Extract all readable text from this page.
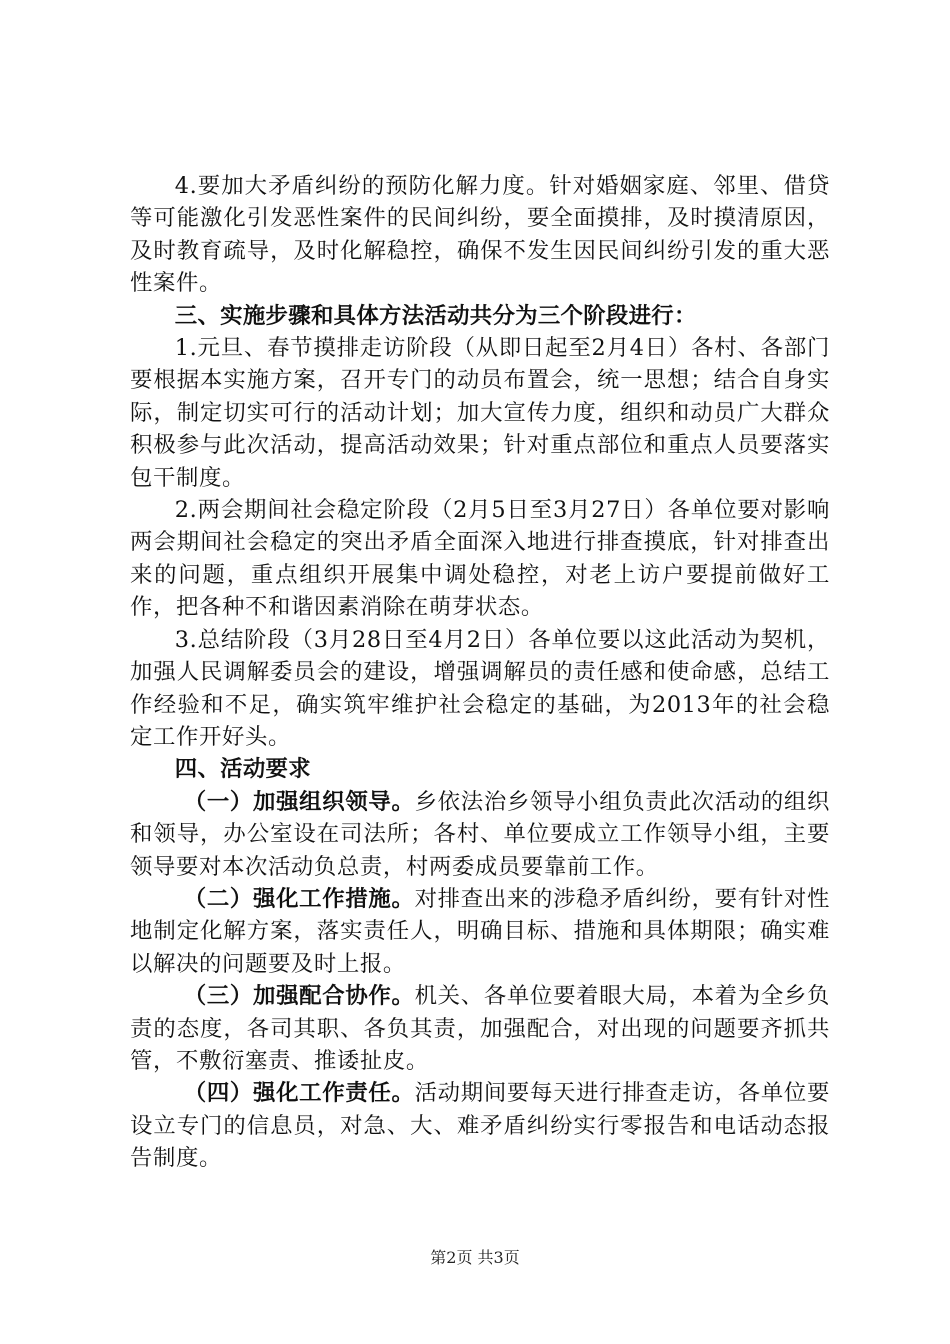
4.要加大矛盾纠纷的预防化解力度。针对婚姻家庭、邻里、借贷等可能激化引发恶性案件的民间纠纷，要全面摸排，及时摸清原因，及时教育疏导，及时化解稳控，确保不发生因民间纠纷引发的重大恶性案件。

三、实施步骤和具体方法活动共分为三个阶段进行：

1.元旦、春节摸排走访阶段（从即日起至2月4日）各村、各部门要根据本实施方案，召开专门的动员布置会，统一思想；结合自身实际，制定切实可行的活动计划；加大宣传力度，组织和动员广大群众积极参与此次活动，提高活动效果；针对重点部位和重点人员要落实包干制度。

2.两会期间社会稳定阶段（2月5日至3月27日）各单位要对影响两会期间社会稳定的突出矛盾全面深入地进行排查摸底，针对排查出来的问题，重点组织开展集中调处稳控，对老上访户要提前做好工作，把各种不和谐因素消除在萌芽状态。

3.总结阶段（3月28日至4月2日）各单位要以这此活动为契机，加强人民调解委员会的建设，增强调解员的责任感和使命感，总结工作经验和不足，确实筑牢维护社会稳定的基础，为2013年的社会稳定工作开好头。

四、活动要求

（一）加强组织领导。乡依法治乡领导小组负责此次活动的组织和领导，办公室设在司法所；各村、单位要成立工作领导小组，主要领导要对本次活动负总责，村两委成员要靠前工作。

（二）强化工作措施。对排查出来的涉稳矛盾纠纷，要有针对性地制定化解方案，落实责任人，明确目标、措施和具体期限；确实难以解决的问题要及时上报。

（三）加强配合协作。机关、各单位要着眼大局，本着为全乡负责的态度，各司其职、各负其责，加强配合，对出现的问题要齐抓共管，不敷衍塞责、推诿扯皮。

（四）强化工作责任。活动期间要每天进行排查走访，各单位要设立专门的信息员，对急、大、难矛盾纠纷实行零报告和电话动态报告制度。

第2页 共3页
